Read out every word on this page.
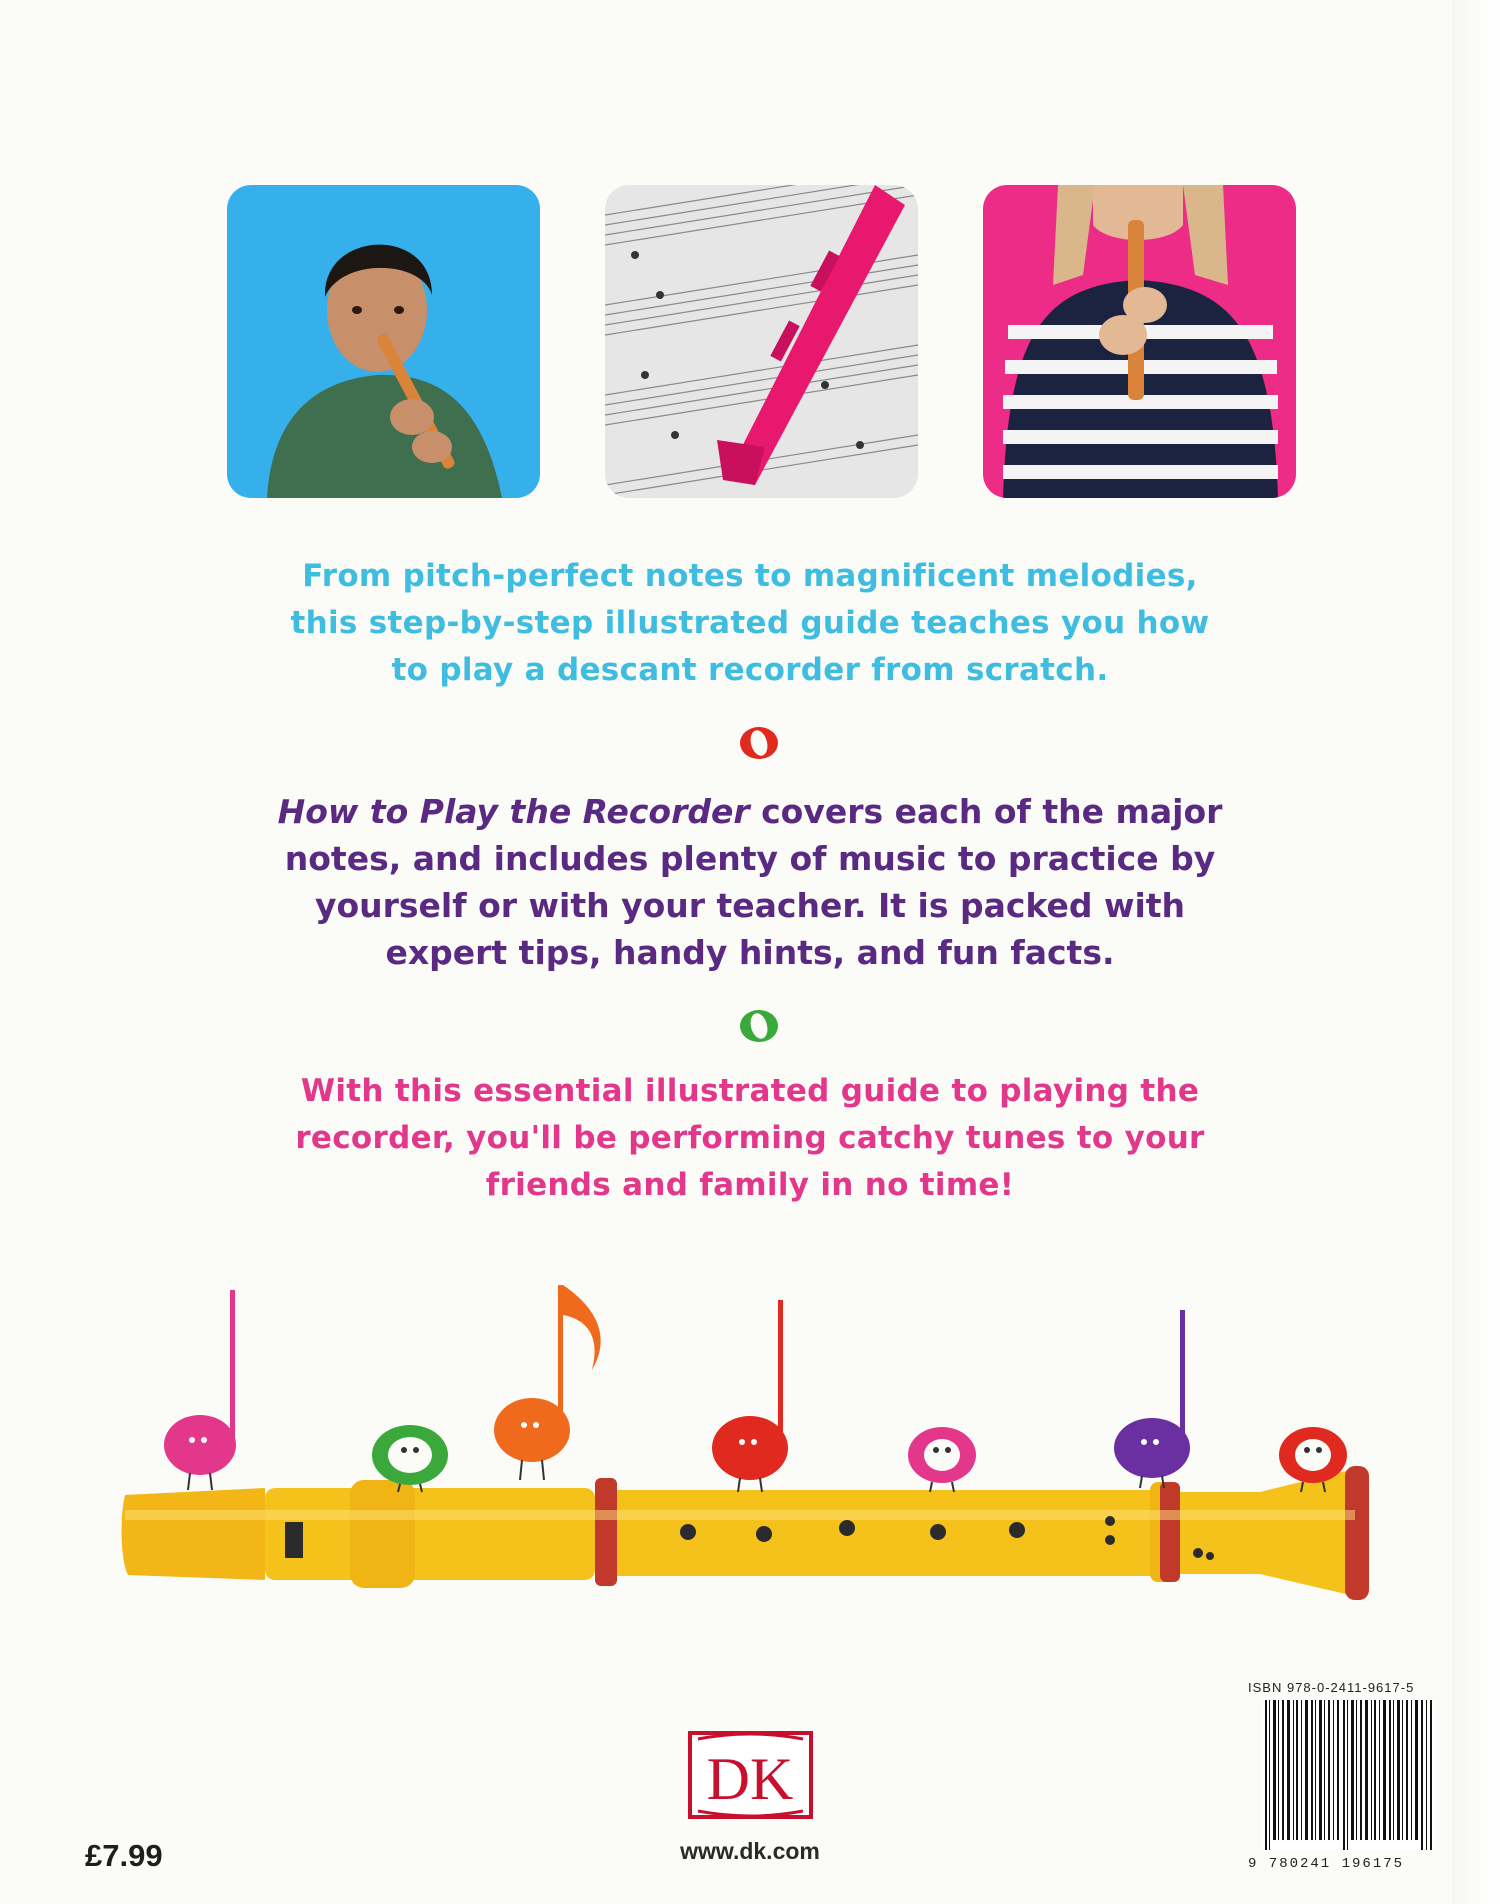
From pitch-perfect notes to magnificent melodies,
this step-by-step illustrated guide teaches you how
to play a descant recorder from scratch.
How to Play the Recorder covers each of the major
notes, and includes plenty of music to practice by
yourself or with your teacher. It is packed with
expert tips, handy hints, and fun facts.
With this essential illustrated guide to playing the
recorder, you'll be performing catchy tunes to your
friends and family in no time!
ISBN 978-0-2411-9617-5
9 780241 196175
DK
www.dk.com
£7.99
